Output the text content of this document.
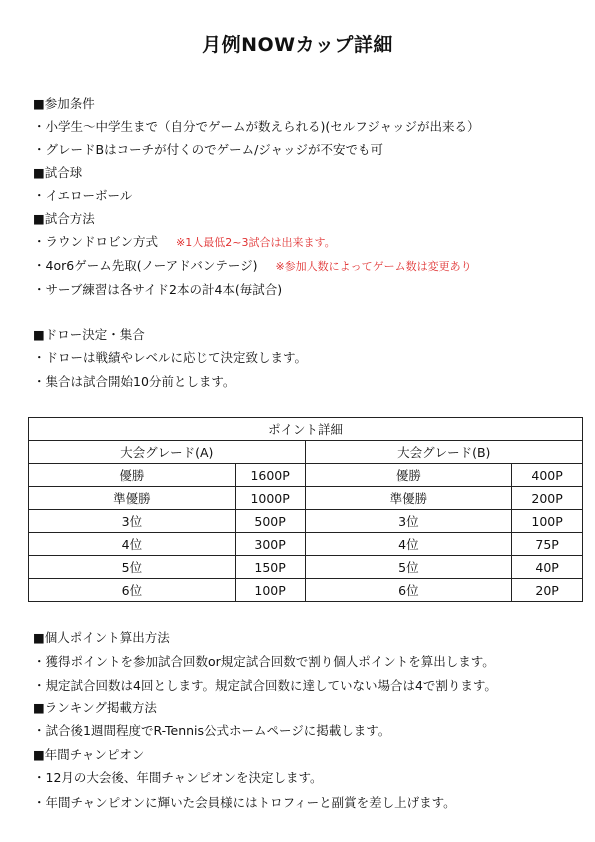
月例NOWカップ詳細
■参加条件
・小学生～中学生まで（自分でゲームが数えられる)(セルフジャッジが出来る）
・グレードBはコーチが付くのでゲーム/ジャッジが不安でも可
■試合球
・イエローボール
■試合方法
・ラウンドロビン方式 ※1人最低2~3試合は出来ます。
・4or6ゲーム先取(ノーアドバンテージ) ※参加人数によってゲーム数は変更あり
・サーブ練習は各サイド2本の計4本(毎試合)
■ドロー決定・集合
・ドローは戦績やレベルに応じて決定致します。
・集合は試合開始10分前とします。
ポイント詳細			
大会グレード(A)		大会グレード(B)	
優勝	1600P	優勝	400P
準優勝	1000P	準優勝	200P
3位	500P	3位	100P
4位	300P	4位	75P
5位	150P	5位	40P
6位	100P	6位	20P
■個人ポイント算出方法
・獲得ポイントを参加試合回数or規定試合回数で割り個人ポイントを算出します。
・規定試合回数は4回とします。規定試合回数に達していない場合は4で割ります。
■ランキング掲載方法
・試合後1週間程度でR-Tennis公式ホームページに掲載します。
■年間チャンピオン
・12月の大会後、年間チャンピオンを決定します。
・年間チャンピオンに輝いた会員様にはトロフィーと副賞を差し上げます。
